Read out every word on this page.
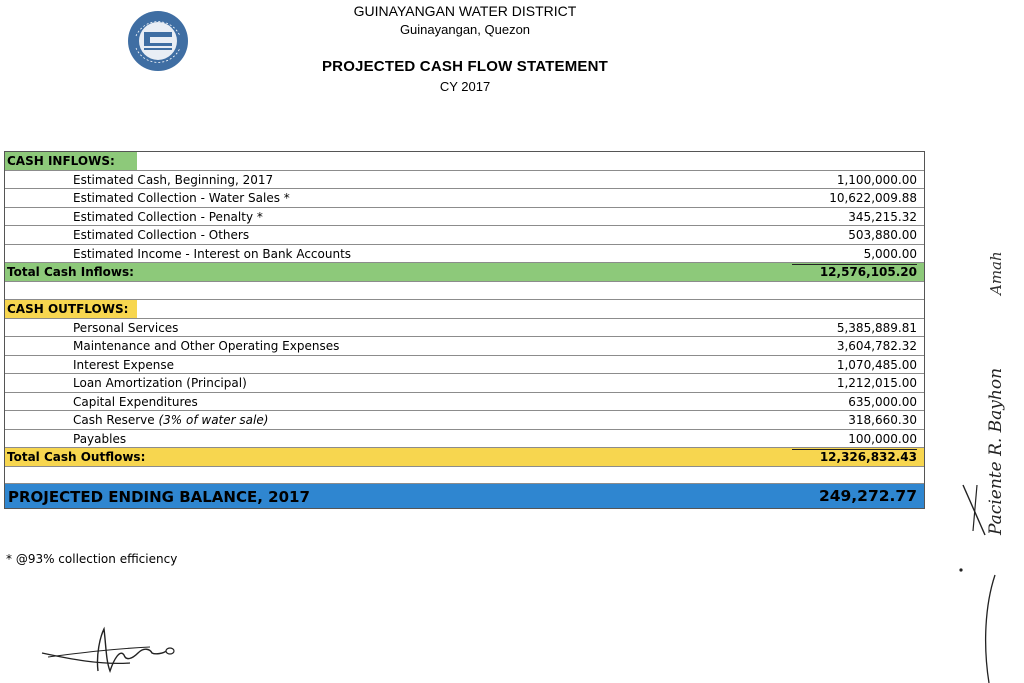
GUINAYANGAN WATER DISTRICT
Guinayangan, Quezon
PROJECTED CASH FLOW STATEMENT
CY 2017
CASH INFLOWS:
Estimated Cash, Beginning, 2017	1,100,000.00
Estimated Collection - Water Sales *	10,622,009.88
Estimated Collection - Penalty *	345,215.32
Estimated Collection - Others	503,880.00
Estimated Income - Interest on Bank Accounts	5,000.00
Total Cash Inflows:	12,576,105.20
CASH OUTFLOWS:
Personal Services	5,385,889.81
Maintenance and Other Operating Expenses	3,604,782.32
Interest Expense	1,070,485.00
Loan Amortization (Principal)	1,212,015.00
Capital Expenditures	635,000.00
Cash Reserve (3% of water sale)	318,660.30
Payables	100,000.00
Total Cash Outflows:	12,326,832.43
PROJECTED ENDING BALANCE, 2017	249,272.77
* @93% collection efficiency
Paciente R. Bayhon
Amah
